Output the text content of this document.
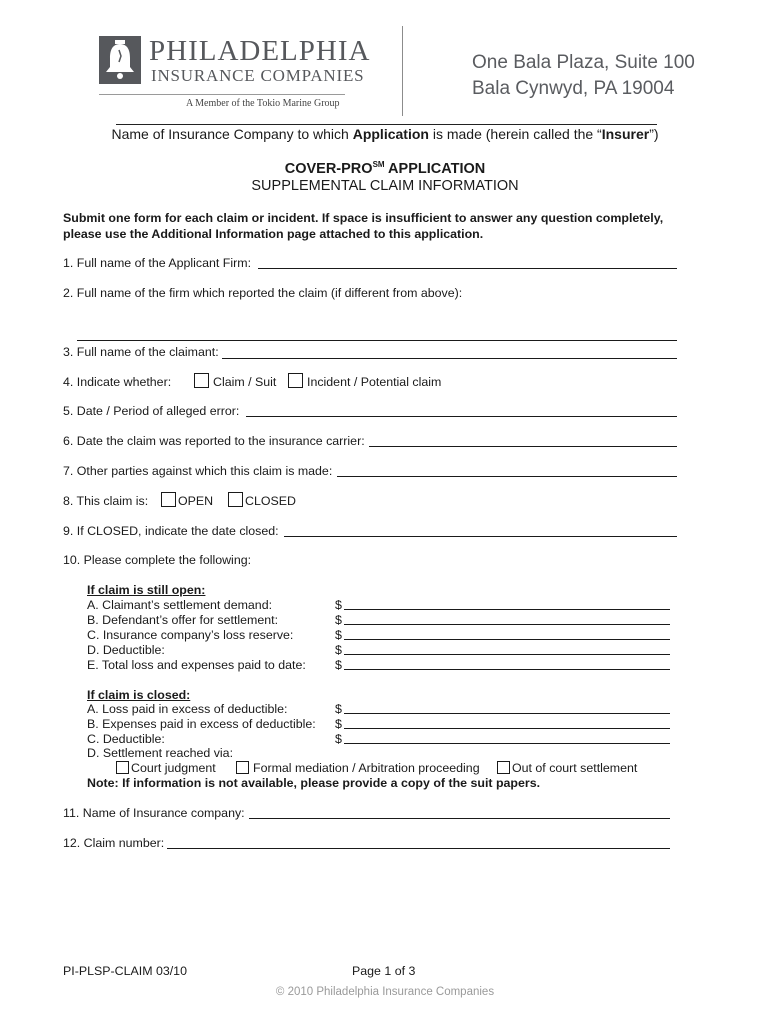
PHILADELPHIA
INSURANCE COMPANIES
A Member of the Tokio Marine Group
One Bala Plaza, Suite 100
Bala Cynwyd, PA 19004
Name of Insurance Company to which Application is made (herein called the “Insurer”)
COVER-PRO℠ APPLICATION
SUPPLEMENTAL CLAIM INFORMATION
Submit one form for each claim or incident. If space is insufficient to answer any question completely, please use the Additional Information page attached to this application.
1. Full name of the Applicant Firm:
2. Full name of the firm which reported the claim (if different from above):
3. Full name of the claimant:
4. Indicate whether:	Claim / Suit Incident / Potential claim
5. Date / Period of alleged error:
6. Date the claim was reported to the insurance carrier:
7. Other parties against which this claim is made:
8. This claim is: OPEN	CLOSED
9. If CLOSED, indicate the date closed:
10. Please complete the following:
If claim is still open:
A. Claimant’s settlement demand:	$
B. Defendant’s offer for settlement:	$
C. Insurance company’s loss reserve:	$
D. Deductible:	$
E. Total loss and expenses paid to date: $
If claim is closed:
A. Loss paid in excess of deductible:	$
B. Expenses paid in excess of deductible: $
C. Deductible:	$
D. Settlement reached via:
Court judgment	Formal mediation / Arbitration proceeding	Out of court settlement
Note: If information is not available, please provide a copy of the suit papers.
11. Name of Insurance company:
12. Claim number:
PI-PLSP-CLAIM 03/10	Page 1 of 3
© 2010 Philadelphia Insurance Companies
